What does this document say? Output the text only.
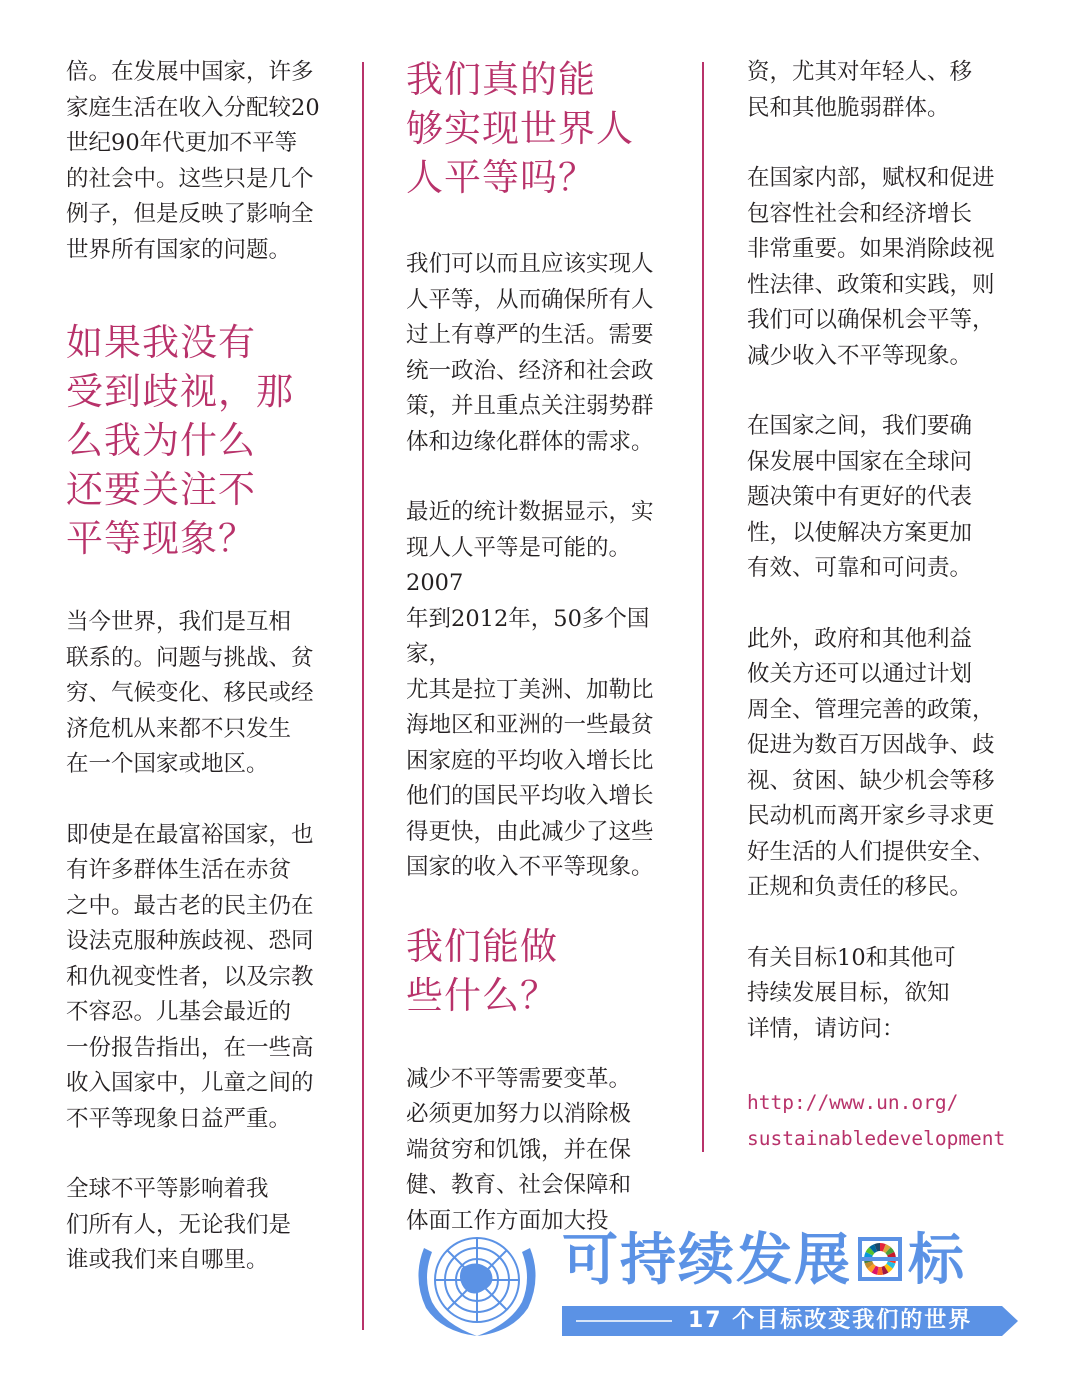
倍。在发展中国家，许多
家庭生活在收入分配较20
世纪90年代更加不平等
的社会中。这些只是几个
例子，但是反映了影响全
世界所有国家的问题。

如果我没有
受到歧视，那
么我为什么
还要关注不
平等现象？

当今世界，我们是互相
联系的。问题与挑战、贫
穷、气候变化、移民或经
济危机从来都不只发生
在一个国家或地区。

即使是在最富裕国家，也
有许多群体生活在赤贫
之中。最古老的民主仍在
设法克服种族歧视、恐同
和仇视变性者，以及宗教
不容忍。儿基会最近的
一份报告指出，在一些高
收入国家中，儿童之间的
不平等现象日益严重。

全球不平等影响着我
们所有人，无论我们是
谁或我们来自哪里。

我们真的能
够实现世界人
人平等吗？

我们可以而且应该实现人
人平等，从而确保所有人
过上有尊严的生活。需要
统一政治、经济和社会政
策，并且重点关注弱势群
体和边缘化群体的需求。

最近的统计数据显示，实
现人人平等是可能的。2007
年到2012年，50多个国家，
尤其是拉丁美洲、加勒比
海地区和亚洲的一些最贫
困家庭的平均收入增长比
他们的国民平均收入增长
得更快，由此减少了这些
国家的收入不平等现象。

我们能做
些什么？

减少不平等需要变革。
必须更加努力以消除极
端贫穷和饥饿，并在保
健、教育、社会保障和
体面工作方面加大投

资，尤其对年轻人、移
民和其他脆弱群体。

在国家内部，赋权和促进
包容性社会和经济增长
非常重要。如果消除歧视
性法律、政策和实践，则
我们可以确保机会平等，
减少收入不平等现象。

在国家之间，我们要确
保发展中国家在全球问
题决策中有更好的代表
性，以使解决方案更加
有效、可靠和可问责。

此外，政府和其他利益
攸关方还可以通过计划
周全、管理完善的政策，
促进为数百万因战争、歧
视、贫困、缺少机会等移
民动机而离开家乡寻求更
好生活的人们提供安全、
正规和负责任的移民。

有关目标10和其他可
持续发展目标，欲知
详情，请访问：

http://www.un.org/
sustainabledevelopment

可持续发展 标
17 个目标改变我们的世界
